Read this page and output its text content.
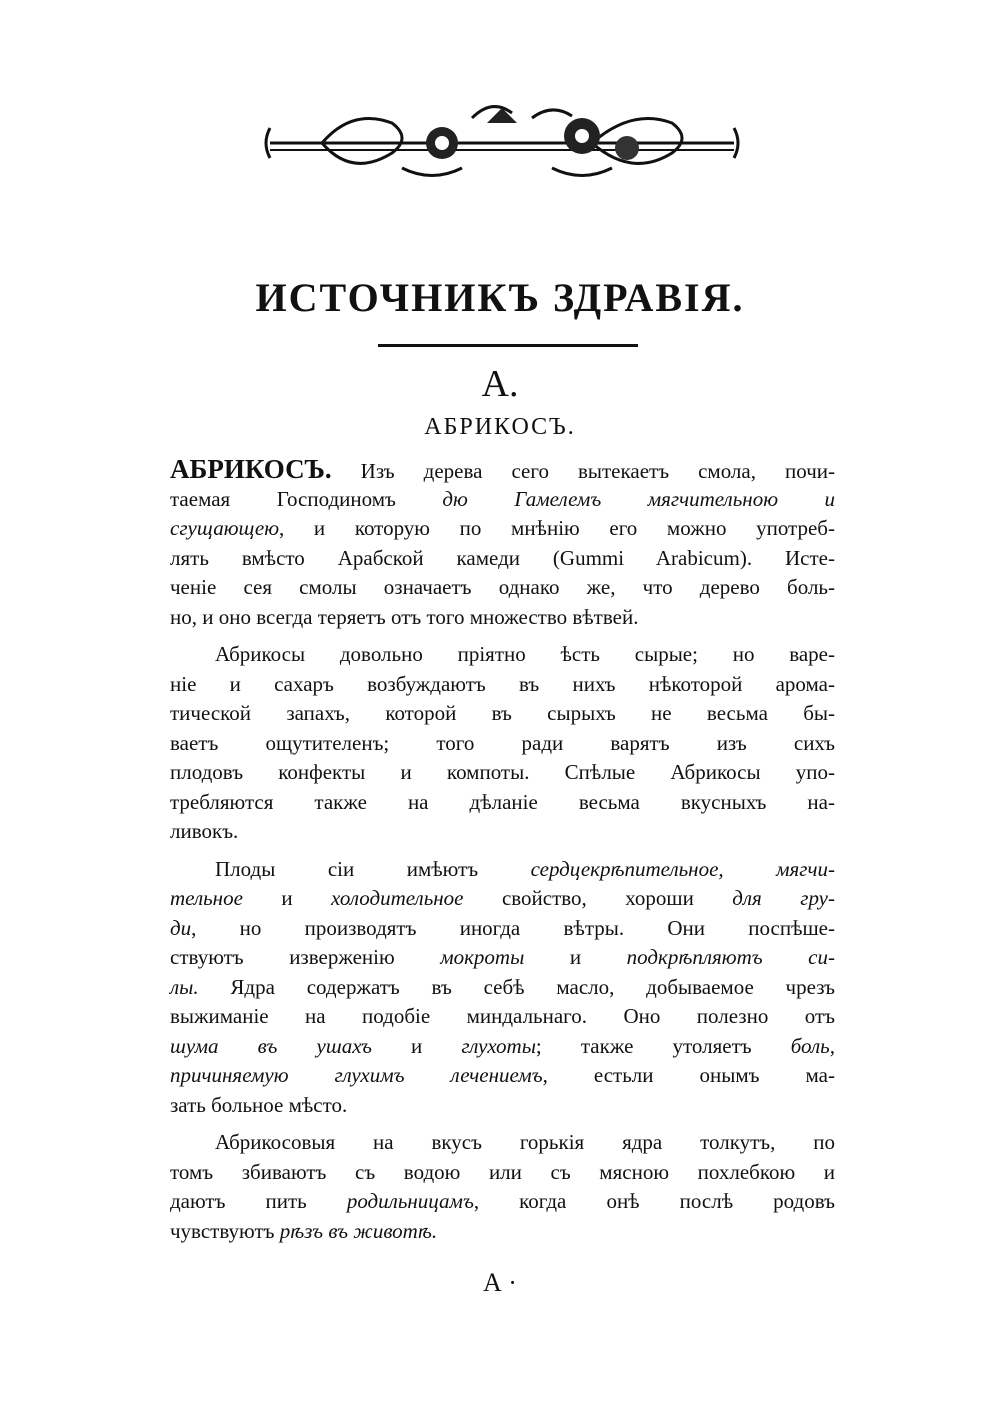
ИСТОЧНИКЪ ЗДРАВІЯ.
А.
АБРИКОСЪ.
АБРИКОСЪ. Изъ дерева сего вытекаетъ смола, почи-
таемая Господиномъ дю Гамелемъ мягчительною и
сгущающею, и которую по мнѣнію его можно употреб-
лять вмѣсто Арабской камеди (Gummi Arabicum). Исте-
ченіе сея смолы означаетъ однако же, что дерево боль-
но, и оно всегда теряетъ отъ того множество вѣтвей.
Абрикосы довольно пріятно ѣсть сырые; но варе-
ніе и сахаръ возбуждаютъ въ нихъ нѣкоторой арома-
тической запахъ, которой въ сырыхъ не весьма бы-
ваетъ ощутителенъ; того ради варятъ изъ сихъ
плодовъ конфекты и компоты. Спѣлые Абрикосы упо-
требляются также на дѣланіе весьма вкусныхъ на-
ливокъ.
Плоды сіи имѣютъ сердцекрѣпительное, мягчи-
тельное и холодительное свойство, хороши для гру-
ди, но производятъ иногда вѣтры. Они поспѣше-
ствуютъ изверженію мокроты и подкрѣпляютъ си-
лы. Ядра содержатъ въ себѣ масло, добываемое чрезъ
выжиманіе на подобіе миндальнаго. Оно полезно отъ
шума въ ушахъ и глухоты; также утоляетъ боль,
причиняемую глухимъ лечениемъ, естьли онымъ ма-
зать больное мѣсто.
Абрикосовыя на вкусъ горькія ядра толкутъ, по
томъ збиваютъ съ водою или съ мясною похлебкою и
даютъ пить родильницамъ, когда онѣ послѣ родовъ
чувствуютъ рѣзъ въ животѣ.
А ·
